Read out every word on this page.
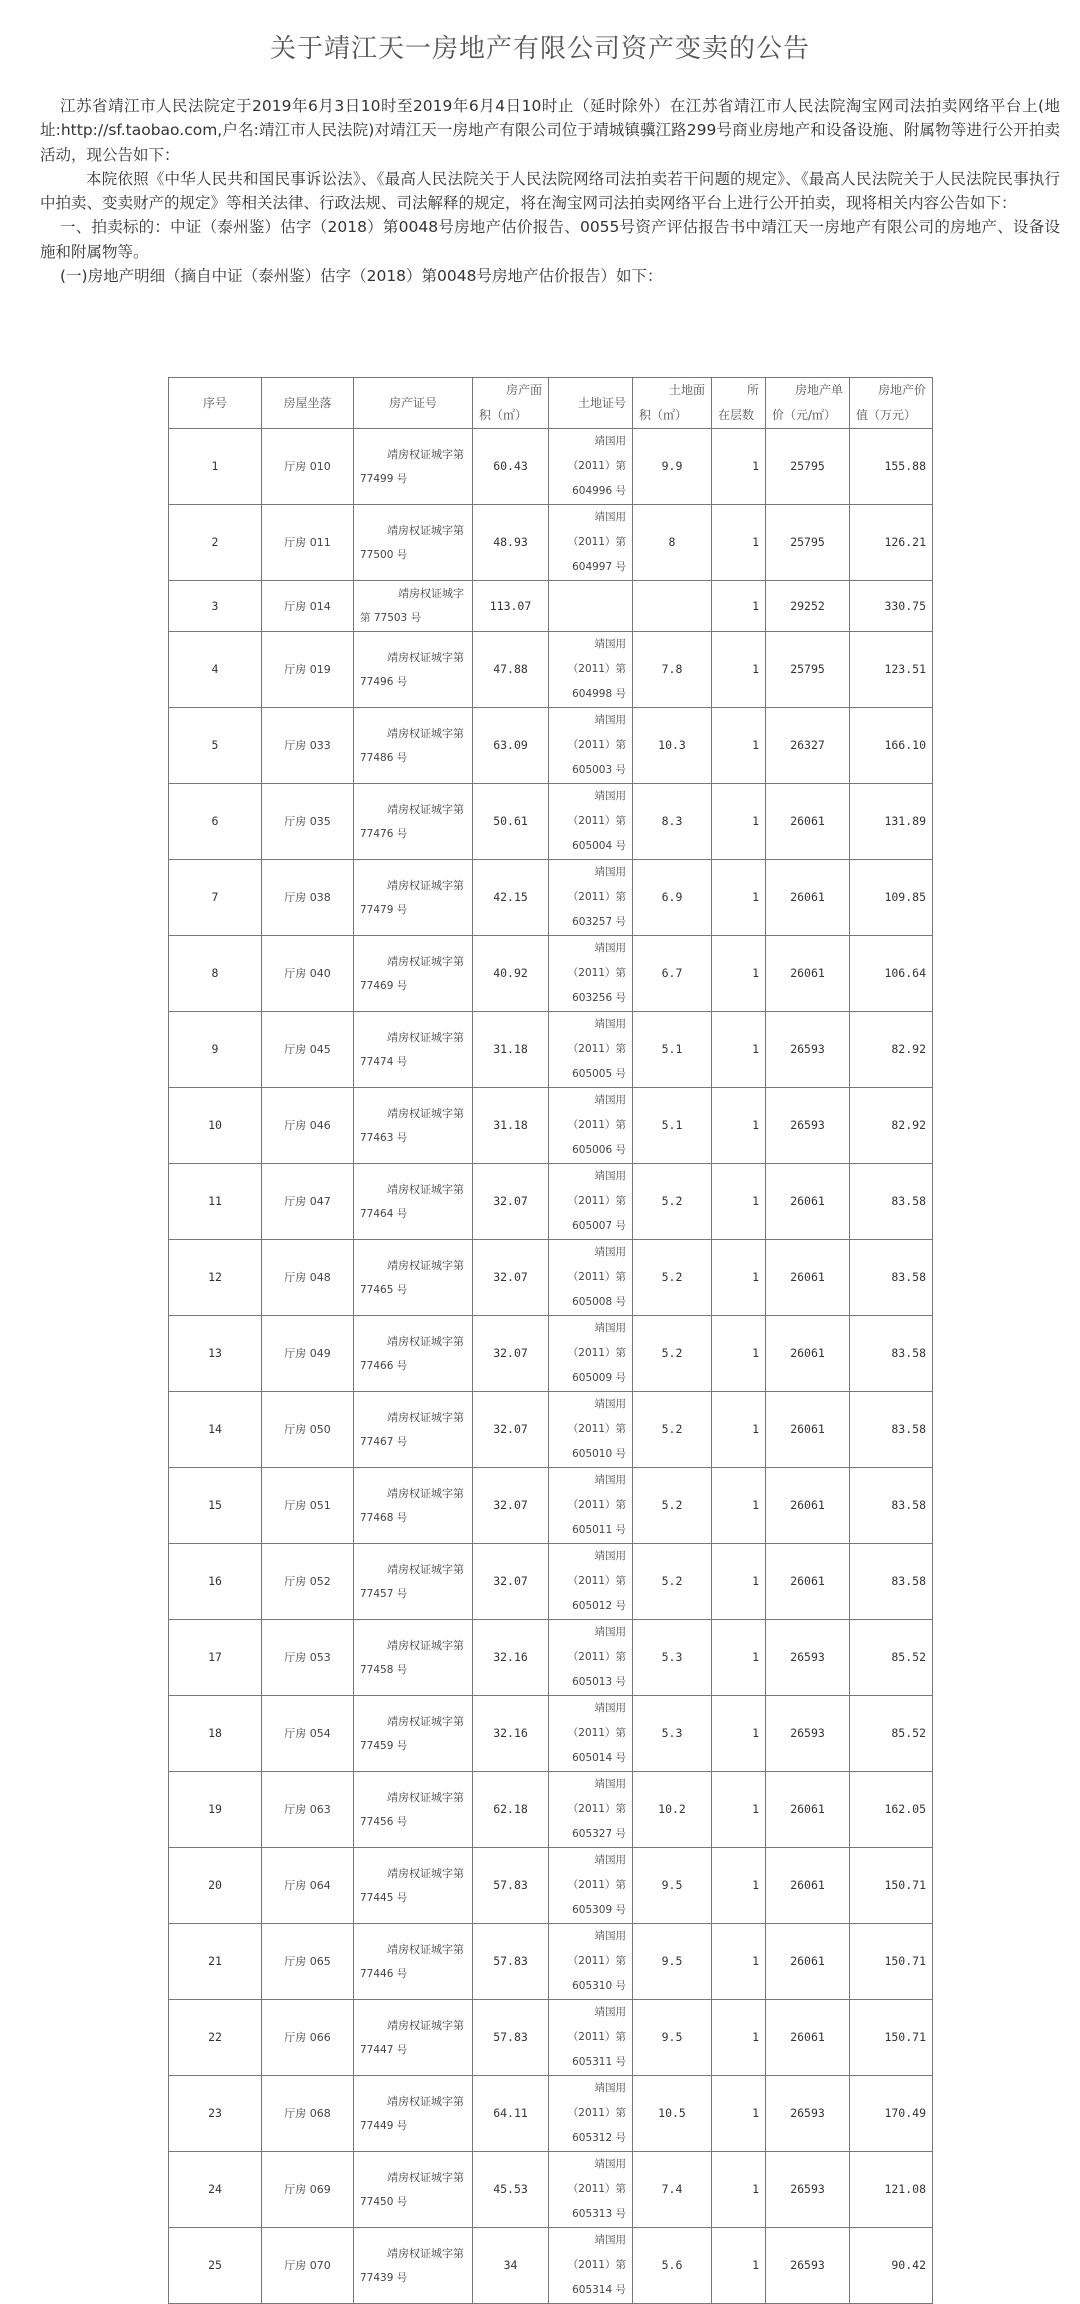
关于靖江天一房地产有限公司资产变卖的公告

江苏省靖江市人民法院定于2019年6月3日10时至2019年6月4日10时止（延时除外）在江苏省靖江市人民法院淘宝网司法拍卖网络平台上(地址:http://sf.taobao.com,户名:靖江市人民法院)对靖江天一房地产有限公司位于靖城镇骥江路299号商业房地产和设备设施、附属物等进行公开拍卖活动，现公告如下：

本院依照《中华人民共和国民事诉讼法》、《最高人民法院关于人民法院网络司法拍卖若干问题的规定》、《最高人民法院关于人民法院民事执行中拍卖、变卖财产的规定》等相关法律、行政法规、司法解释的规定，将在淘宝网司法拍卖网络平台上进行公开拍卖，现将相关内容公告如下：

一、拍卖标的：中证（泰州鉴）估字（2018）第0048号房地产估价报告、0055号资产评估报告书中靖江天一房地产有限公司的房地产、设备设施和附属物等。

(一)房地产明细（摘自中证（泰州鉴）估字（2018）第0048号房地产估价报告）如下：

序号	房屋坐落	房产证号	房产面
积（㎡）	土地证号	土地面
积（㎡）	所
在层数	房地产单
价（元/㎡）	房地产价
值（万元）

1	厅房 010	靖房权证城字第
77499 号	60.43	靖国用
（2011）第
604996 号	9.9	1	25795	155.88
2	厅房 011	靖房权证城字第
77500 号	48.93	靖国用
（2011）第
604997 号	8	1	25795	126.21
3	厅房 014	靖房权证城字
第 77503 号	113.07			1	29252	330.75
4	厅房 019	靖房权证城字第
77496 号	47.88	靖国用
（2011）第
604998 号	7.8	1	25795	123.51
5	厅房 033	靖房权证城字第
77486 号	63.09	靖国用
（2011）第
605003 号	10.3	1	26327	166.10
6	厅房 035	靖房权证城字第
77476 号	50.61	靖国用
（2011）第
605004 号	8.3	1	26061	131.89
7	厅房 038	靖房权证城字第
77479 号	42.15	靖国用
（2011）第
603257 号	6.9	1	26061	109.85
8	厅房 040	靖房权证城字第
77469 号	40.92	靖国用
（2011）第
603256 号	6.7	1	26061	106.64
9	厅房 045	靖房权证城字第
77474 号	31.18	靖国用
（2011）第
605005 号	5.1	1	26593	82.92
10	厅房 046	靖房权证城字第
77463 号	31.18	靖国用
（2011）第
605006 号	5.1	1	26593	82.92
11	厅房 047	靖房权证城字第
77464 号	32.07	靖国用
（2011）第
605007 号	5.2	1	26061	83.58
12	厅房 048	靖房权证城字第
77465 号	32.07	靖国用
（2011）第
605008 号	5.2	1	26061	83.58
13	厅房 049	靖房权证城字第
77466 号	32.07	靖国用
（2011）第
605009 号	5.2	1	26061	83.58
14	厅房 050	靖房权证城字第
77467 号	32.07	靖国用
（2011）第
605010 号	5.2	1	26061	83.58
15	厅房 051	靖房权证城字第
77468 号	32.07	靖国用
（2011）第
605011 号	5.2	1	26061	83.58
16	厅房 052	靖房权证城字第
77457 号	32.07	靖国用
（2011）第
605012 号	5.2	1	26061	83.58
17	厅房 053	靖房权证城字第
77458 号	32.16	靖国用
（2011）第
605013 号	5.3	1	26593	85.52
18	厅房 054	靖房权证城字第
77459 号	32.16	靖国用
（2011）第
605014 号	5.3	1	26593	85.52
19	厅房 063	靖房权证城字第
77456 号	62.18	靖国用
（2011）第
605327 号	10.2	1	26061	162.05
20	厅房 064	靖房权证城字第
77445 号	57.83	靖国用
（2011）第
605309 号	9.5	1	26061	150.71
21	厅房 065	靖房权证城字第
77446 号	57.83	靖国用
（2011）第
605310 号	9.5	1	26061	150.71
22	厅房 066	靖房权证城字第
77447 号	57.83	靖国用
（2011）第
605311 号	9.5	1	26061	150.71
23	厅房 068	靖房权证城字第
77449 号	64.11	靖国用
（2011）第
605312 号	10.5	1	26593	170.49
24	厅房 069	靖房权证城字第
77450 号	45.53	靖国用
（2011）第
605313 号	7.4	1	26593	121.08
25	厅房 070	靖房权证城字第
77439 号	34	靖国用
（2011）第
605314 号	5.6	1	26593	90.42
